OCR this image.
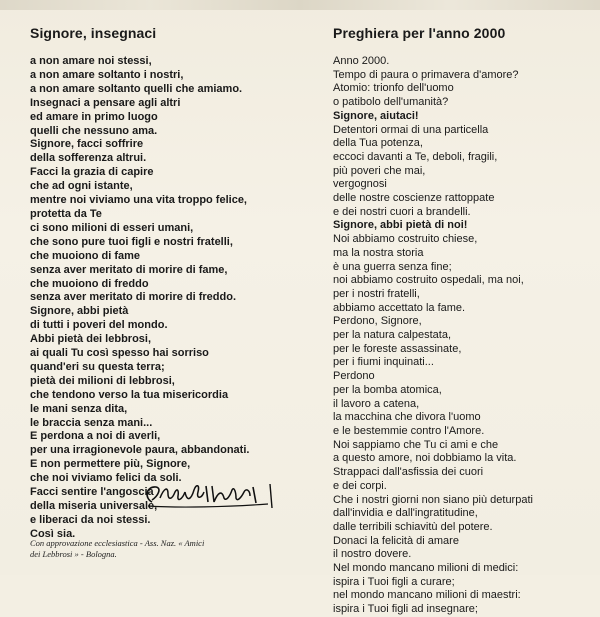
Signore, insegnaci
a non amare noi stessi,
a non amare soltanto i nostri,
a non amare soltanto quelli che amiamo.
Insegnaci a pensare agli altri
ed amare in primo luogo
quelli che nessuno ama.
Signore, facci soffrire
della sofferenza altrui.
Facci la grazia di capire
che ad ogni istante,
mentre noi viviamo una vita troppo felice,
protetta da Te
ci sono milioni di esseri umani,
che sono pure tuoi figli e nostri fratelli,
che muoiono di fame
senza aver meritato di morire di fame,
che muoiono di freddo
senza aver meritato di morire di freddo.
Signore, abbi pietà
di tutti i poveri del mondo.
Abbi pietà dei lebbrosi,
ai quali Tu così spesso hai sorriso
quand'eri su questa terra;
pietà dei milioni di lebbrosi,
che tendono verso la tua misericordia
le mani senza dita,
le braccia senza mani...
E perdona a noi di averli,
per una irragionevole paura, abbandonati.
E non permettere più, Signore,
che noi viviamo felici da soli.
Facci sentire l'angoscia
della miseria universale,
e liberaci da noi stessi.
Così sia.
Preghiera per l'anno 2000
Anno 2000.
Tempo di paura o primavera d'amore?
Atomio: trionfo dell'uomo
o patibolo dell'umanità?
Signore, aiutaci!
Detentori ormai di una particella
della Tua potenza,
eccoci davanti a Te, deboli, fragili,
più poveri che mai,
vergognosi
delle nostre coscienze rattoppate
e dei nostri cuori a brandelli.
Signore, abbi pietà di noi!
Noi abbiamo costruito chiese,
ma la nostra storia
è una guerra senza fine;
noi abbiamo costruito ospedali, ma noi,
per i nostri fratelli,
abbiamo accettato la fame.
Perdono, Signore,
per la natura calpestata,
per le foreste assassinate,
per i fiumi inquinati...
Perdono
per la bomba atomica,
il lavoro a catena,
la macchina che divora l'uomo
e le bestemmie contro l'Amore.
Noi sappiamo che Tu ci ami e che
a questo amore, noi dobbiamo la vita.
Strappaci dall'asfissia dei cuori
e dei corpi.
Che i nostri giorni non siano più deturpati
dall'invidia e dall'ingratitudine,
dalle terribili schiavitù del potere.
Donaci la felicità di amare
il nostro dovere.
Nel mondo mancano milioni di medici:
ispira i Tuoi figli a curare;
nel mondo mancano milioni di maestri:
ispira i Tuoi figli ad insegnare;
Con approvazione ecclesiastica - Ass. Naz. « Amici
dei Lebbrosi » - Bologna.
